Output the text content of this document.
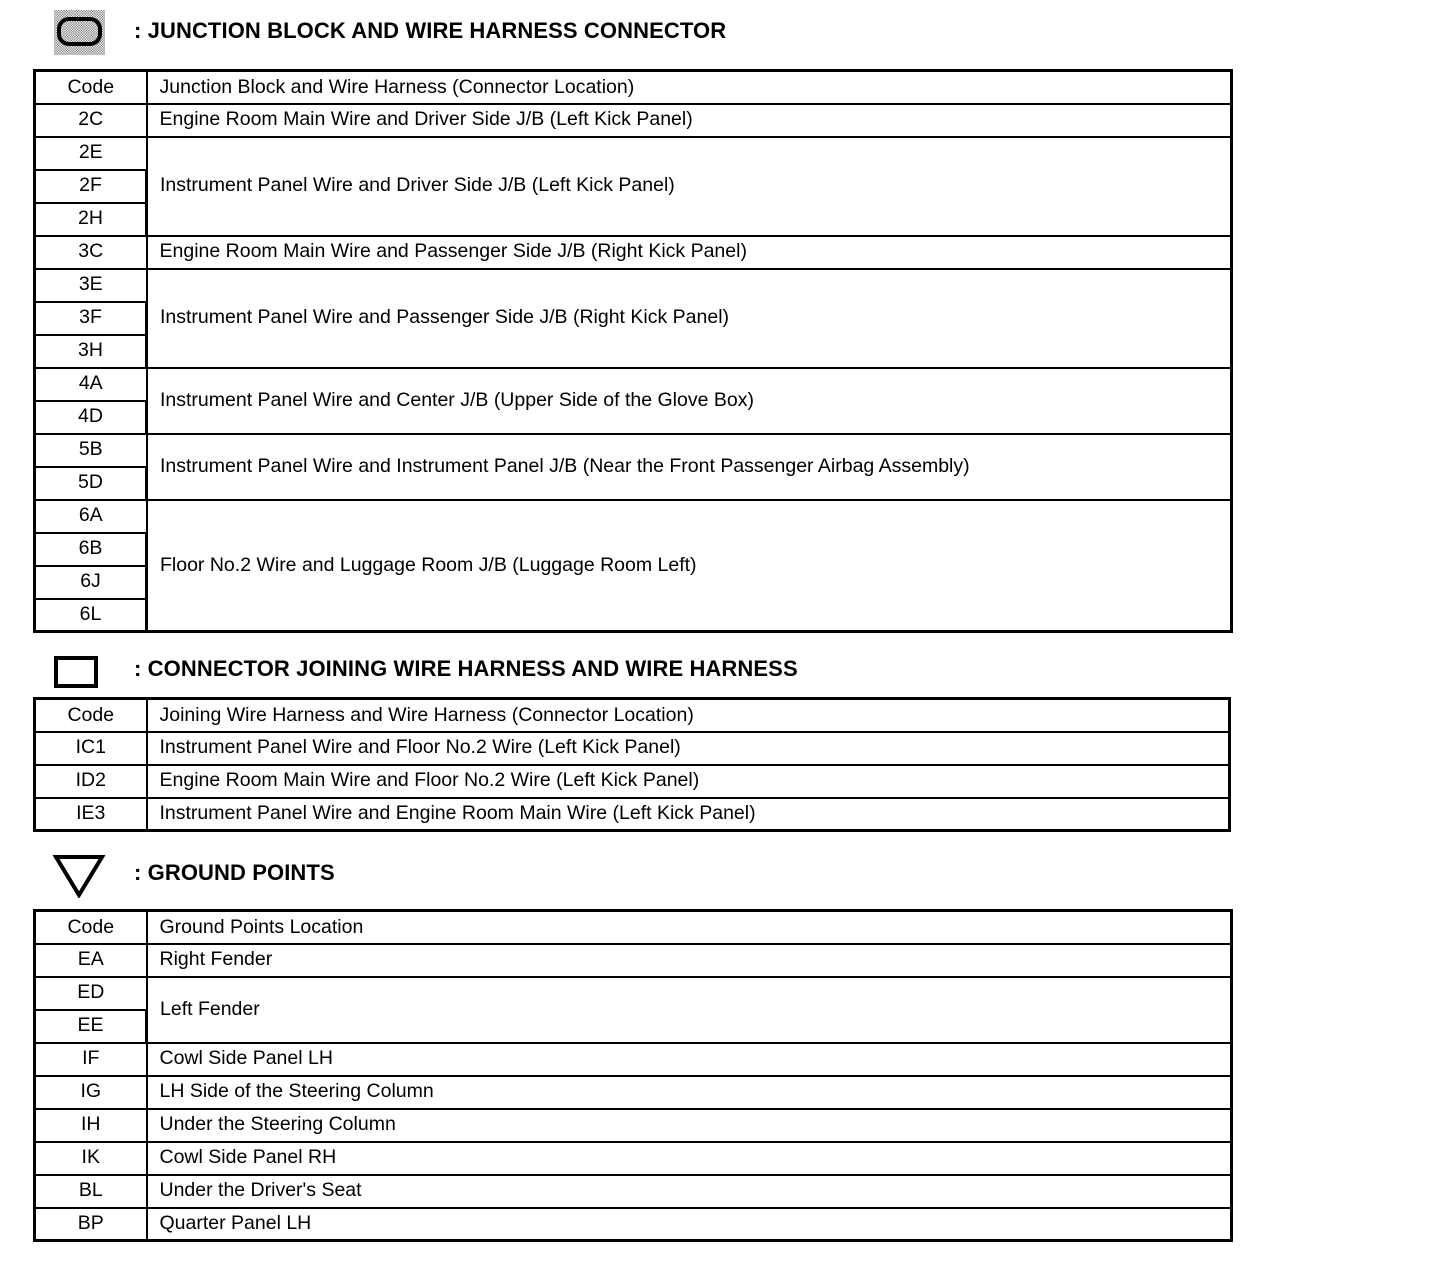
: JUNCTION BLOCK AND WIRE HARNESS CONNECTOR
Code	Junction Block and Wire Harness (Connector Location)
2C	Engine Room Main Wire and Driver Side J/B (Left Kick Panel)
2E	Instrument Panel Wire and Driver Side J/B (Left Kick Panel)
2F	
2H	
3C	Engine Room Main Wire and Passenger Side J/B (Right Kick Panel)
3E	Instrument Panel Wire and Passenger Side J/B (Right Kick Panel)
3F	
3H	
4A	Instrument Panel Wire and Center J/B (Upper Side of the Glove Box)
4D	
5B	Instrument Panel Wire and Instrument Panel J/B (Near the Front Passenger Airbag Assembly)
5D	
6A	Floor No.2 Wire and Luggage Room J/B (Luggage Room Left)
6B	
6J	
6L	
: CONNECTOR JOINING WIRE HARNESS AND WIRE HARNESS
Code	Joining Wire Harness and Wire Harness (Connector Location)
IC1	Instrument Panel Wire and Floor No.2 Wire (Left Kick Panel)
ID2	Engine Room Main Wire and Floor No.2 Wire (Left Kick Panel)
IE3	Instrument Panel Wire and Engine Room Main Wire (Left Kick Panel)
: GROUND POINTS
Code	Ground Points Location
EA	Right Fender
ED	Left Fender
EE	
IF	Cowl Side Panel LH
IG	LH Side of the Steering Column
IH	Under the Steering Column
IK	Cowl Side Panel RH
BL	Under the Driver's Seat
BP	Quarter Panel LH
